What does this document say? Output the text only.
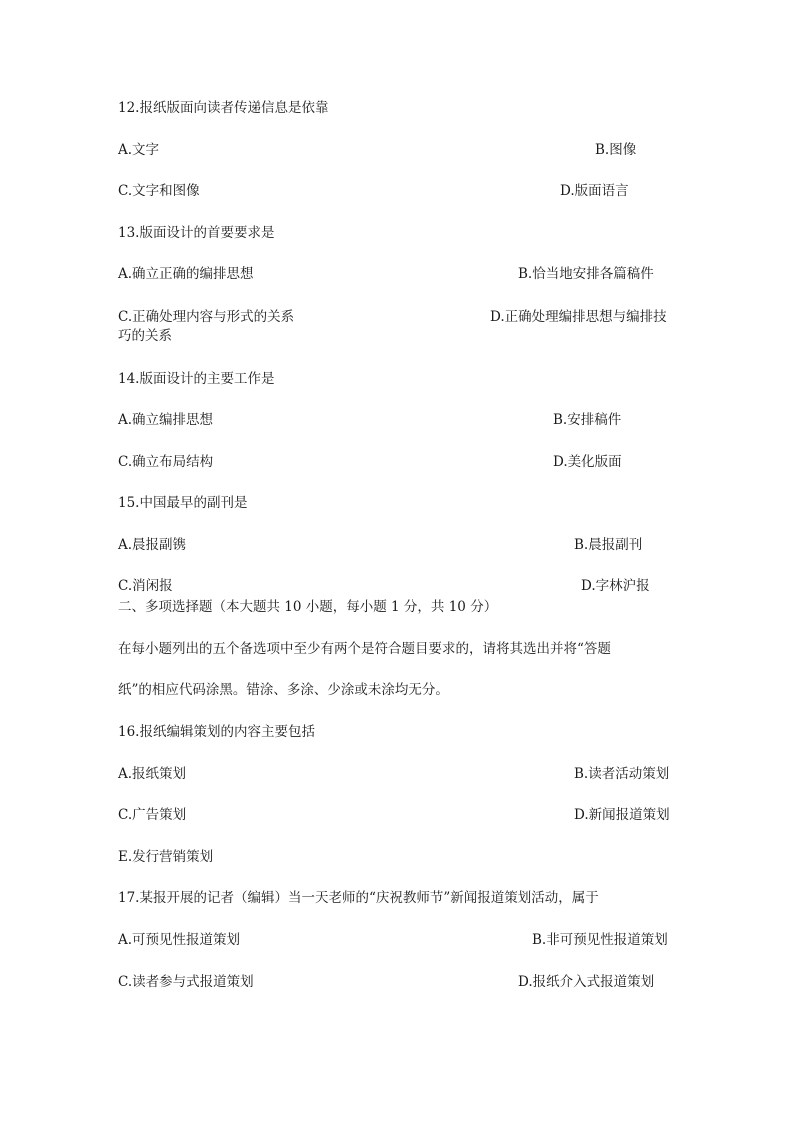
12.报纸版面向读者传递信息是依靠
A.文字	B.图像
C.文字和图像	D.版面语言
13.版面设计的首要要求是
A.确立正确的编排思想	B.恰当地安排各篇稿件
C.正确处理内容与形式的关系	D.正确处理编排思想与编排技
巧的关系
14.版面设计的主要工作是
A.确立编排思想	B.安排稿件
C.确立布局结构	D.美化版面
15.中国最早的副刊是
A.晨报副镌	B.晨报副刊
C.消闲报	D.字林沪报
二、多项选择题（本大题共 10 小题，每小题 1 分，共 10 分）
在每小题列出的五个备选项中至少有两个是符合题目要求的，请将其选出并将“答题
纸”的相应代码涂黑。错涂、多涂、少涂或未涂均无分。
16.报纸编辑策划的内容主要包括
A.报纸策划	B.读者活动策划
C.广告策划	D.新闻报道策划
E.发行营销策划
17.某报开展的记者（编辑）当一天老师的“庆祝教师节”新闻报道策划活动，属于
A.可预见性报道策划	B.非可预见性报道策划
C.读者参与式报道策划	D.报纸介入式报道策划
